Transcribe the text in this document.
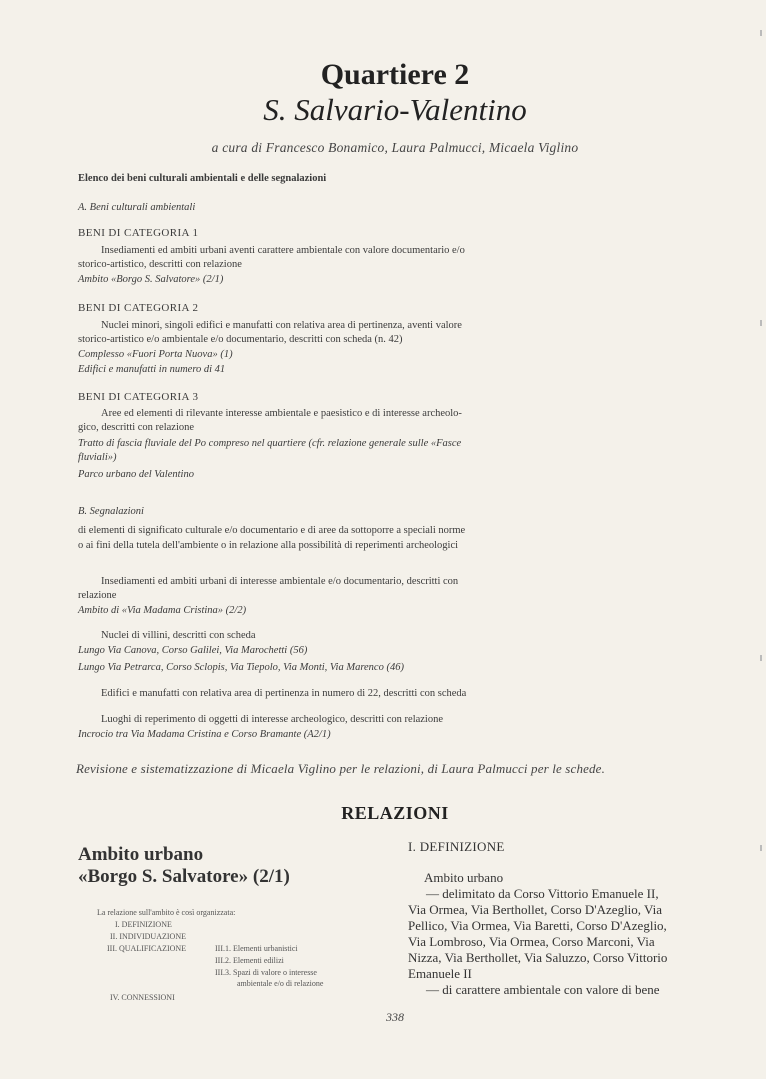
Quartiere 2
S. Salvario-Valentino
a cura di Francesco Bonamico, Laura Palmucci, Micaela Viglino
Elenco dei beni culturali ambientali e delle segnalazioni
A. Beni culturali ambientali
BENI DI CATEGORIA 1
Insediamenti ed ambiti urbani aventi carattere ambientale con valore documentario e/o
storico-artistico, descritti con relazione
Ambito «Borgo S. Salvatore» (2/1)
BENI DI CATEGORIA 2
Nuclei minori, singoli edifici e manufatti con relativa area di pertinenza, aventi valore
storico-artistico e/o ambientale e/o documentario, descritti con scheda (n. 42)
Complesso «Fuori Porta Nuova» (1)
Edifici e manufatti in numero di 41
BENI DI CATEGORIA 3
Aree ed elementi di rilevante interesse ambientale e paesistico e di interesse archeolo-
gico, descritti con relazione
Tratto di fascia fluviale del Po compreso nel quartiere (cfr. relazione generale sulle «Fasce
fluviali»)
Parco urbano del Valentino
B. Segnalazioni
di elementi di significato culturale e/o documentario e di aree da sottoporre a speciali norme
o ai fini della tutela dell'ambiente o in relazione alla possibilità di reperimenti archeologici
Insediamenti ed ambiti urbani di interesse ambientale e/o documentario, descritti con
relazione
Ambito di «Via Madama Cristina» (2/2)
Nuclei di villini, descritti con scheda
Lungo Via Canova, Corso Galilei, Via Marochetti (56)
Lungo Via Petrarca, Corso Sclopis, Via Tiepolo, Via Monti, Via Marenco (46)
Edifici e manufatti con relativa area di pertinenza in numero di 22, descritti con scheda
Luoghi di reperimento di oggetti di interesse archeologico, descritti con relazione
Incrocio tra Via Madama Cristina e Corso Bramante (A2/1)
Revisione e sistematizzazione di Micaela Viglino per le relazioni, di Laura Palmucci per le schede.
RELAZIONI
Ambito urbano
«Borgo S. Salvatore» (2/1)
La relazione sull'ambito è così organizzata:
I. DEFINIZIONE
II. INDIVIDUAZIONE
III. QUALIFICAZIONE	III.1. Elementi urbanistici
III.2. Elementi edilizi
III.3. Spazi di valore o interesse
ambientale e/o di relazione
IV. CONNESSIONI
I. DEFINIZIONE
Ambito urbano
— delimitato da Corso Vittorio Emanuele II,
Via Ormea, Via Berthollet, Corso D'Azeglio, Via
Pellico, Via Ormea, Via Baretti, Corso D'Azeglio,
Via Lombroso, Via Ormea, Corso Marconi, Via
Nizza, Via Berthollet, Via Saluzzo, Corso Vittorio
Emanuele II
— di carattere ambientale con valore di bene
338
